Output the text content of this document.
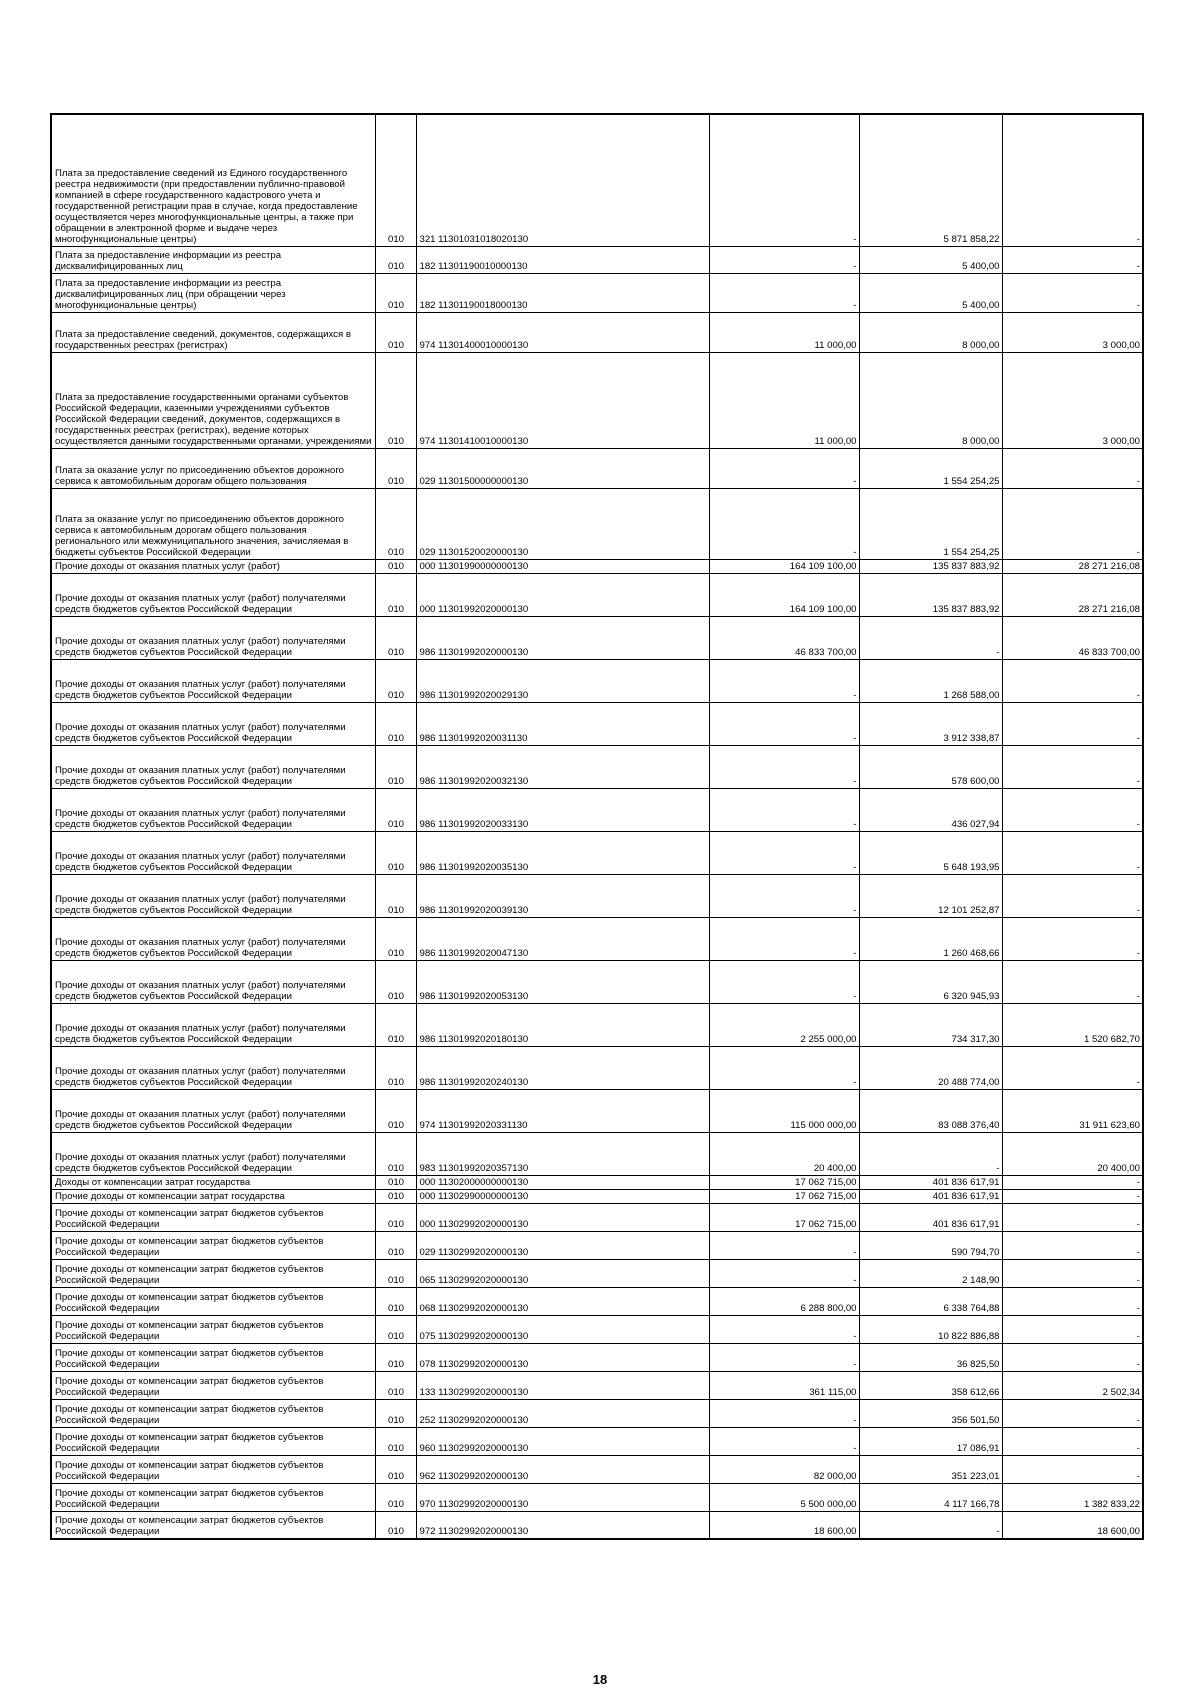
Плата за предоставление сведений из Единого государственного реестра недвижимости (при предоставлении публично-правовой компанией в сфере государственного кадастрового учета и государственной регистрации прав в случае, когда предоставление осуществляется через многофункциональные центры, а также при обращении в электронной форме и выдаче через многофункциональные центры)	010	321 11301031018020130	-	5 871 858,22	-
Плата за предоставление информации из реестра дисквалифицированных лиц	010	182 11301190010000130	-	5 400,00	-
Плата за предоставление информации из реестра дисквалифицированных лиц (при обращении через многофункциональные центры)	010	182 11301190018000130	-	5 400,00	-
Плата за предоставление сведений, документов, содержащихся в государственных реестрах (регистрах)	010	974 11301400010000130	11 000,00	8 000,00	3 000,00
Плата за предоставление государственными органами субъектов Российской Федерации, казенными учреждениями субъектов Российской Федерации сведений, документов, содержащихся в государственных реестрах (регистрах), ведение которых осуществляется данными государственными органами, учреждениями	010	974 11301410010000130	11 000,00	8 000,00	3 000,00
Плата за оказание услуг по присоединению объектов дорожного сервиса к автомобильным дорогам общего пользования	010	029 11301500000000130	-	1 554 254,25	-
Плата за оказание услуг по присоединению объектов дорожного сервиса к автомобильным дорогам общего пользования регионального или межмуниципального значения, зачисляемая в бюджеты субъектов Российской Федерации	010	029 11301520020000130	-	1 554 254,25	-
Прочие доходы от оказания платных услуг (работ)	010	000 11301990000000130	164 109 100,00	135 837 883,92	28 271 216,08
Прочие доходы от оказания платных услуг (работ) получателями средств бюджетов субъектов Российской Федерации	010	000 11301992020000130	164 109 100,00	135 837 883,92	28 271 216,08
Прочие доходы от оказания платных услуг (работ) получателями средств бюджетов субъектов Российской Федерации	010	986 11301992020000130	46 833 700,00	-	46 833 700,00
Прочие доходы от оказания платных услуг (работ) получателями средств бюджетов субъектов Российской Федерации	010	986 11301992020029130	-	1 268 588,00	-
Прочие доходы от оказания платных услуг (работ) получателями средств бюджетов субъектов Российской Федерации	010	986 11301992020031130	-	3 912 338,87	-
Прочие доходы от оказания платных услуг (работ) получателями средств бюджетов субъектов Российской Федерации	010	986 11301992020032130	-	578 600,00	-
Прочие доходы от оказания платных услуг (работ) получателями средств бюджетов субъектов Российской Федерации	010	986 11301992020033130	-	436 027,94	-
Прочие доходы от оказания платных услуг (работ) получателями средств бюджетов субъектов Российской Федерации	010	986 11301992020035130	-	5 648 193,95	-
Прочие доходы от оказания платных услуг (работ) получателями средств бюджетов субъектов Российской Федерации	010	986 11301992020039130	-	12 101 252,87	-
Прочие доходы от оказания платных услуг (работ) получателями средств бюджетов субъектов Российской Федерации	010	986 11301992020047130	-	1 260 468,66	-
Прочие доходы от оказания платных услуг (работ) получателями средств бюджетов субъектов Российской Федерации	010	986 11301992020053130	-	6 320 945,93	-
Прочие доходы от оказания платных услуг (работ) получателями средств бюджетов субъектов Российской Федерации	010	986 11301992020180130	2 255 000,00	734 317,30	1 520 682,70
Прочие доходы от оказания платных услуг (работ) получателями средств бюджетов субъектов Российской Федерации	010	986 11301992020240130	-	20 488 774,00	-
Прочие доходы от оказания платных услуг (работ) получателями средств бюджетов субъектов Российской Федерации	010	974 11301992020331130	115 000 000,00	83 088 376,40	31 911 623,60
Прочие доходы от оказания платных услуг (работ) получателями средств бюджетов субъектов Российской Федерации	010	983 11301992020357130	20 400,00	-	20 400,00
Доходы от компенсации затрат государства	010	000 11302000000000130	17 062 715,00	401 836 617,91	-
Прочие доходы от компенсации затрат государства	010	000 11302990000000130	17 062 715,00	401 836 617,91	-
Прочие доходы от компенсации затрат бюджетов субъектов Российской Федерации	010	000 11302992020000130	17 062 715,00	401 836 617,91	-
Прочие доходы от компенсации затрат бюджетов субъектов Российской Федерации	010	029 11302992020000130	-	590 794,70	-
Прочие доходы от компенсации затрат бюджетов субъектов Российской Федерации	010	065 11302992020000130	-	2 148,90	-
Прочие доходы от компенсации затрат бюджетов субъектов Российской Федерации	010	068 11302992020000130	6 288 800,00	6 338 764,88	-
Прочие доходы от компенсации затрат бюджетов субъектов Российской Федерации	010	075 11302992020000130	-	10 822 886,88	-
Прочие доходы от компенсации затрат бюджетов субъектов Российской Федерации	010	078 11302992020000130	-	36 825,50	-
Прочие доходы от компенсации затрат бюджетов субъектов Российской Федерации	010	133 11302992020000130	361 115,00	358 612,66	2 502,34
Прочие доходы от компенсации затрат бюджетов субъектов Российской Федерации	010	252 11302992020000130	-	356 501,50	-
Прочие доходы от компенсации затрат бюджетов субъектов Российской Федерации	010	960 11302992020000130	-	17 086,91	-
Прочие доходы от компенсации затрат бюджетов субъектов Российской Федерации	010	962 11302992020000130	82 000,00	351 223,01	-
Прочие доходы от компенсации затрат бюджетов субъектов Российской Федерации	010	970 11302992020000130	5 500 000,00	4 117 166,78	1 382 833,22
Прочие доходы от компенсации затрат бюджетов субъектов Российской Федерации	010	972 11302992020000130	18 600,00	-	18 600,00
18
